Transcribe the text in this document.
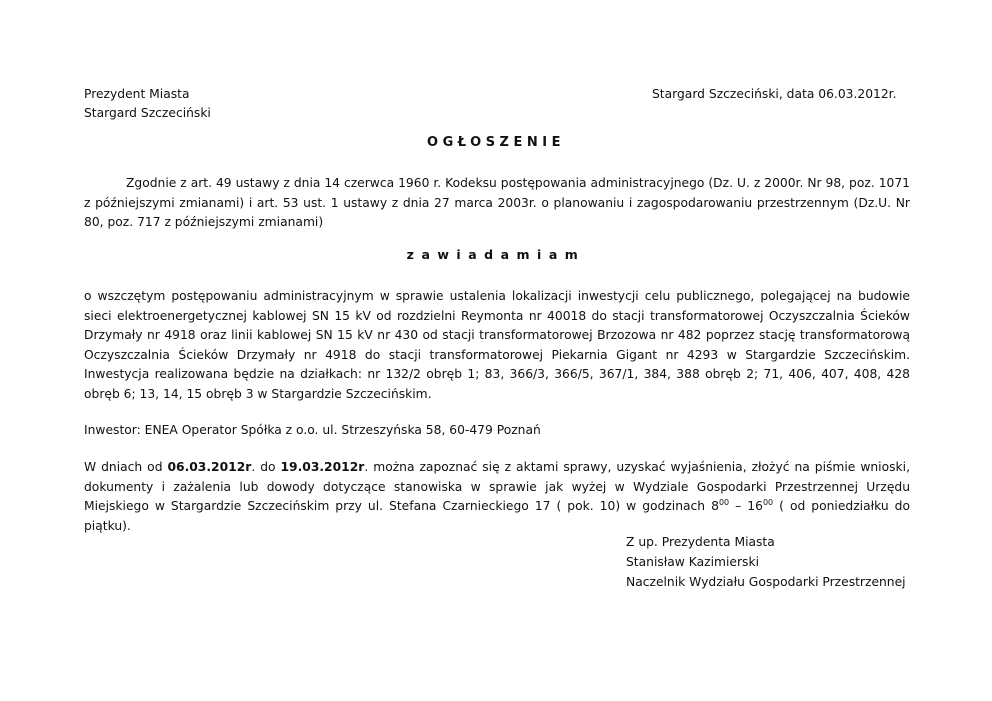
Prezydent Miasta
Stargard Szczeciński
Stargard Szczeciński, data 06.03.2012r.
OGŁOSZENIE
Zgodnie z art. 49 ustawy z dnia 14 czerwca 1960 r. Kodeksu postępowania administracyjnego (Dz. U. z 2000r. Nr 98, poz. 1071
z późniejszymi zmianami) i art. 53 ust. 1 ustawy z dnia 27 marca 2003r. o planowaniu i zagospodarowaniu przestrzennym (Dz.U. Nr
80, poz. 717 z późniejszymi zmianami)
zawiadamiam
o wszczętym postępowaniu administracyjnym w sprawie ustalenia lokalizacji inwestycji celu publicznego, polegającej na budowie
sieci elektroenergetycznej kablowej SN 15 kV od rozdzielni Reymonta nr 40018 do stacji transformatorowej Oczyszczalnia Ścieków
Drzymały nr 4918 oraz linii kablowej SN 15 kV nr 430 od stacji transformatorowej Brzozowa nr 482 poprzez stację transformatorową
Oczyszczalnia Ścieków Drzymały nr 4918 do stacji transformatorowej Piekarnia Gigant nr 4293 w Stargardzie Szczecińskim.
Inwestycja realizowana będzie na działkach: nr 132/2 obręb 1; 83, 366/3, 366/5, 367/1, 384, 388 obręb 2; 71, 406, 407, 408, 428
obręb 6; 13, 14, 15 obręb 3 w Stargardzie Szczecińskim.
Inwestor: ENEA Operator Spółka z o.o. ul. Strzeszyńska 58, 60-479 Poznań
W dniach od 06.03.2012r. do 19.03.2012r. można zapoznać się z aktami sprawy, uzyskać wyjaśnienia, złożyć na piśmie wnioski,
dokumenty i zażalenia lub dowody dotyczące stanowiska w sprawie jak wyżej w Wydziale Gospodarki Przestrzennej Urzędu
Miejskiego w Stargardzie Szczecińskim przy ul. Stefana Czarnieckiego 17 ( pok. 10) w godzinach $8^{00} - 16^{00}$ ( od poniedziałku do
piątku).
Z up. Prezydenta Miasta
Stanisław Kazimierski
Naczelnik Wydziału Gospodarki Przestrzennej
